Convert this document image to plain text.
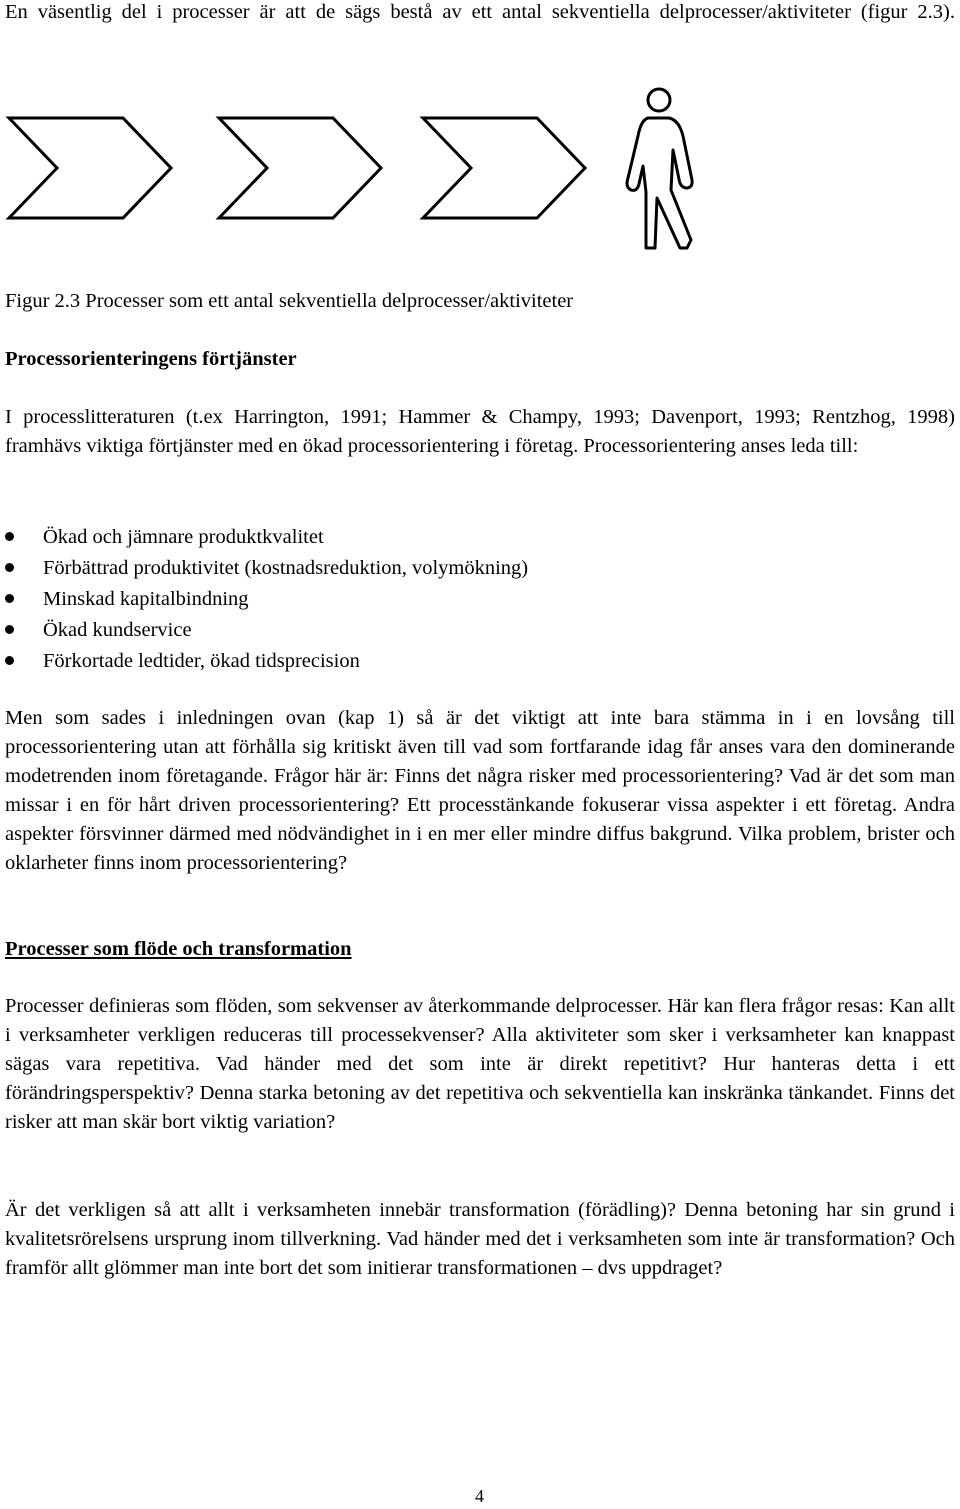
En väsentlig del i processer är att de sägs bestå av ett antal sekventiella delprocesser/aktiviteter (figur 2.3).

Figur 2.3 Processer som ett antal sekventiella delprocesser/aktiviteter
Processorienteringens förtjänster

I processlitteraturen (t.ex Harrington, 1991; Hammer & Champy, 1993; Davenport, 1993; Rentzhog, 1998) framhävs viktiga förtjänster med en ökad processorientering i företag. Processorientering anses leda till:

Ökad och jämnare produktkvalitet
Förbättrad produktivitet (kostnadsreduktion, volymökning)
Minskad kapitalbindning
Ökad kundservice
Förkortade ledtider, ökad tidsprecision

Men som sades i inledningen ovan (kap 1) så är det viktigt att inte bara stämma in i en lovsång till processorientering utan att förhålla sig kritiskt även till vad som fortfarande idag får anses vara den dominerande modetrenden inom företagande. Frågor här är: Finns det några risker med processorientering? Vad är det som man missar i en för hårt driven processorientering? Ett processtänkande fokuserar vissa aspekter i ett företag. Andra aspekter försvinner därmed med nödvändighet in i en mer eller mindre diffus bakgrund. Vilka problem, brister och oklarheter finns inom processorientering?

Processer som flöde och transformation

Processer definieras som flöden, som sekvenser av återkommande delprocesser. Här kan flera frågor resas: Kan allt i verksamheter verkligen reduceras till processekvenser? Alla aktiviteter som sker i verksamheter kan knappast sägas vara repetitiva. Vad händer med det som inte är direkt repetitivt? Hur hanteras detta i ett förändringsperspektiv? Denna starka betoning av det repetitiva och sekventiella kan inskränka tänkandet. Finns det risker att man skär bort viktig variation?

Är det verkligen så att allt i verksamheten innebär transformation (förädling)? Denna betoning har sin grund i kvalitetsrörelsens ursprung inom tillverkning. Vad händer med det i verksamheten som inte är transformation? Och framför allt glömmer man inte bort det som initierar transformationen – dvs uppdraget?

4
